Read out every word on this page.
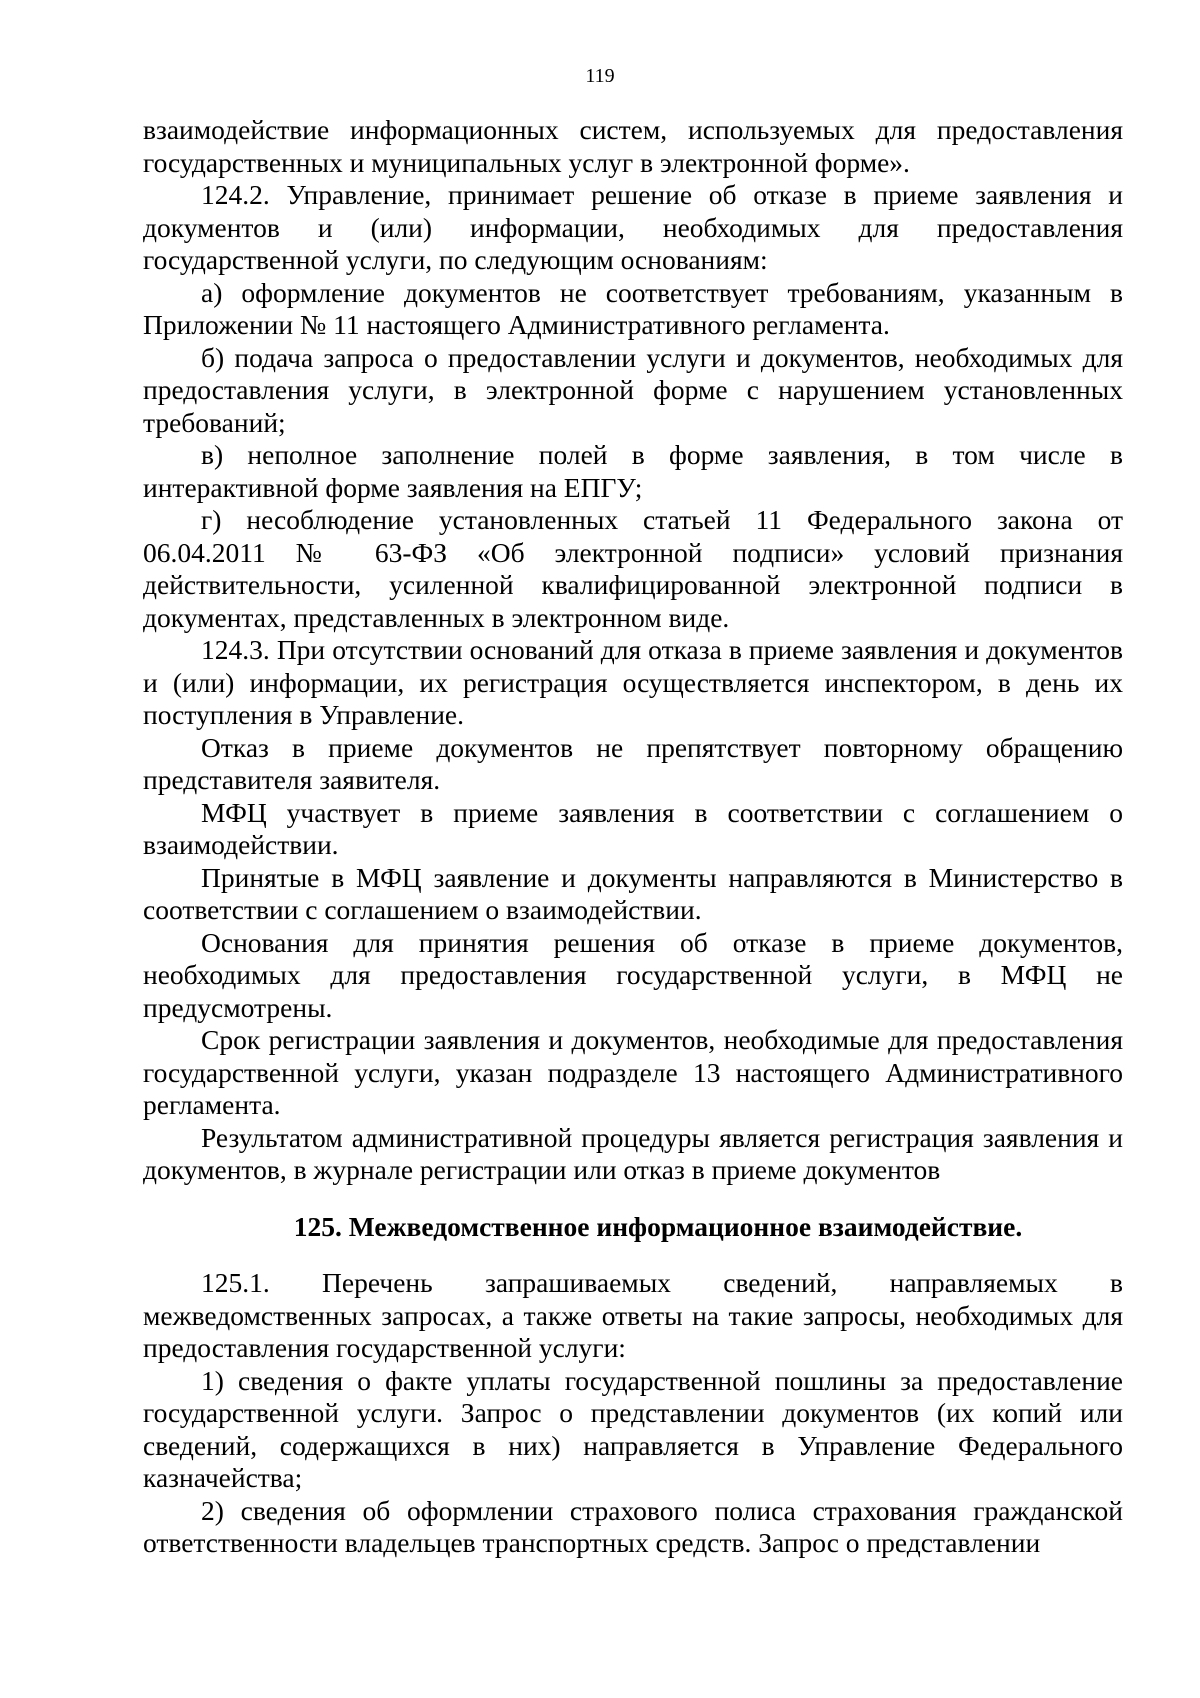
119

взаимодействие информационных систем, используемых для предоставления государственных и муниципальных услуг в электронной форме».

124.2. Управление, принимает решение об отказе в приеме заявления и документов и (или) информации, необходимых для предоставления государственной услуги, по следующим основаниям:

а) оформление документов не соответствует требованиям, указанным в Приложении № 11 настоящего Административного регламента.

б) подача запроса о предоставлении услуги и документов, необходимых для предоставления услуги, в электронной форме с нарушением установленных требований;

в) неполное заполнение полей в форме заявления, в том числе в интерактивной форме заявления на ЕПГУ;

г) несоблюдение установленных статьей 11 Федерального закона от 06.04.2011 № 63-ФЗ «Об электронной подписи» условий признания действительности, усиленной квалифицированной электронной подписи в документах, представленных в электронном виде.

124.3. При отсутствии оснований для отказа в приеме заявления и документов и (или) информации, их регистрация осуществляется инспектором, в день их поступления в Управление.

Отказ в приеме документов не препятствует повторному обращению представителя заявителя.

МФЦ участвует в приеме заявления в соответствии с соглашением о взаимодействии.

Принятые в МФЦ заявление и документы направляются в Министерство в соответствии с соглашением о взаимодействии.

Основания для принятия решения об отказе в приеме документов, необходимых для предоставления государственной услуги, в МФЦ не предусмотрены.

Срок регистрации заявления и документов, необходимые для предоставления государственной услуги, указан подразделе 13 настоящего Административного регламента.

Результатом административной процедуры является регистрация заявления и документов, в журнале регистрации или отказ в приеме документов

125. Межведомственное информационное взаимодействие.

125.1. Перечень запрашиваемых сведений, направляемых в межведомственных запросах, а также ответы на такие запросы, необходимых для предоставления государственной услуги:

1) сведения о факте уплаты государственной пошлины за предоставление государственной услуги. Запрос о представлении документов (их копий или сведений, содержащихся в них) направляется в Управление Федерального казначейства;

2) сведения об оформлении страхового полиса страхования гражданской ответственности владельцев транспортных средств. Запрос о представлении
